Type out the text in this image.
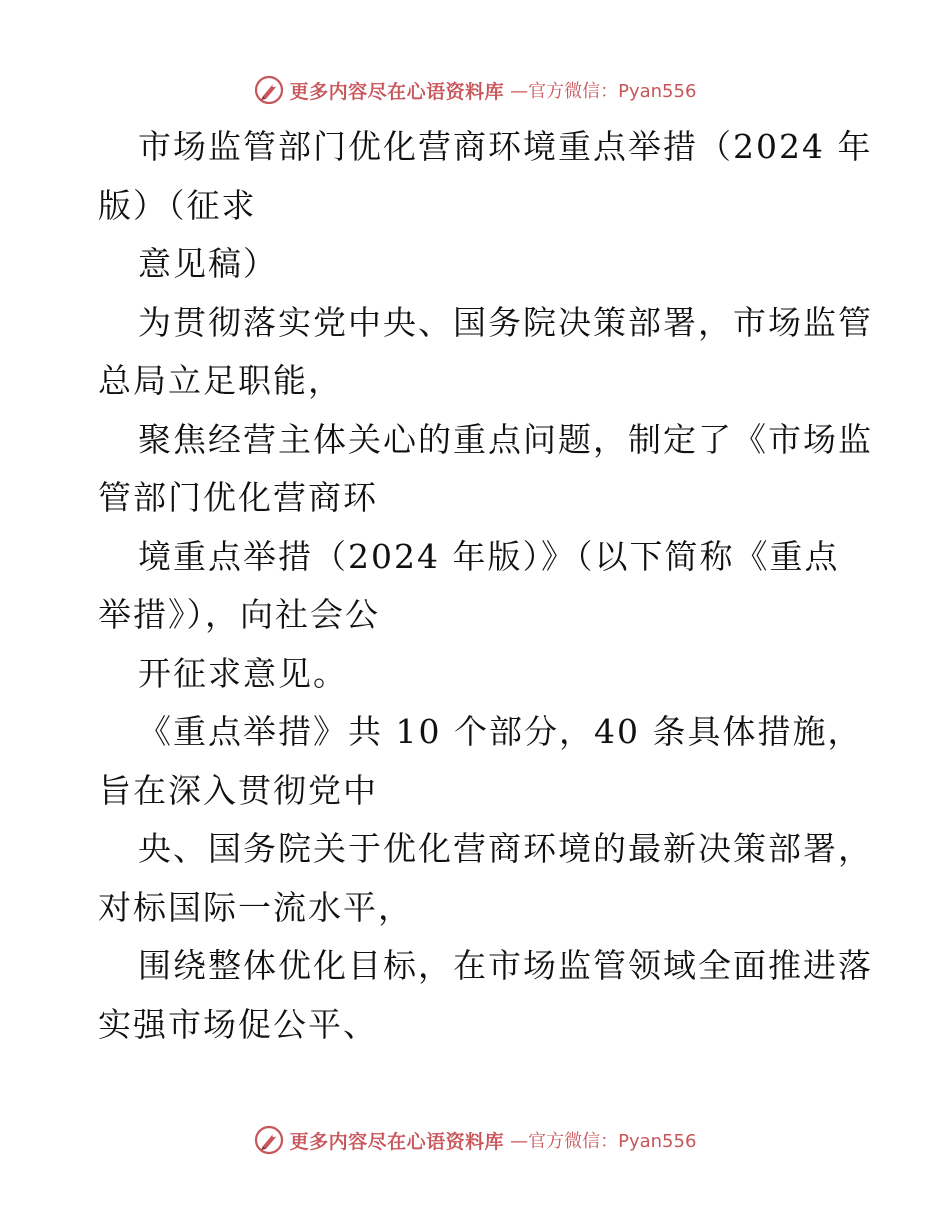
更多内容尽在心语资料库 —官方微信：Pyan556
市场监管部门优化营商环境重点举措（2024 年
版）（征求
意见稿）
为贯彻落实党中央、国务院决策部署，市场监管
总局立足职能，
聚焦经营主体关心的重点问题，制定了《市场监
管部门优化营商环
境重点举措（2024 年版）》（以下简称《重点
举措》），向社会公
开征求意见。
《重点举措》共 10 个部分，40 条具体措施，
旨在深入贯彻党中
央、国务院关于优化营商环境的最新决策部署，
对标国际一流水平，
围绕整体优化目标，在市场监管领域全面推进落
实强市场促公平、
更多内容尽在心语资料库 —官方微信：Pyan556
